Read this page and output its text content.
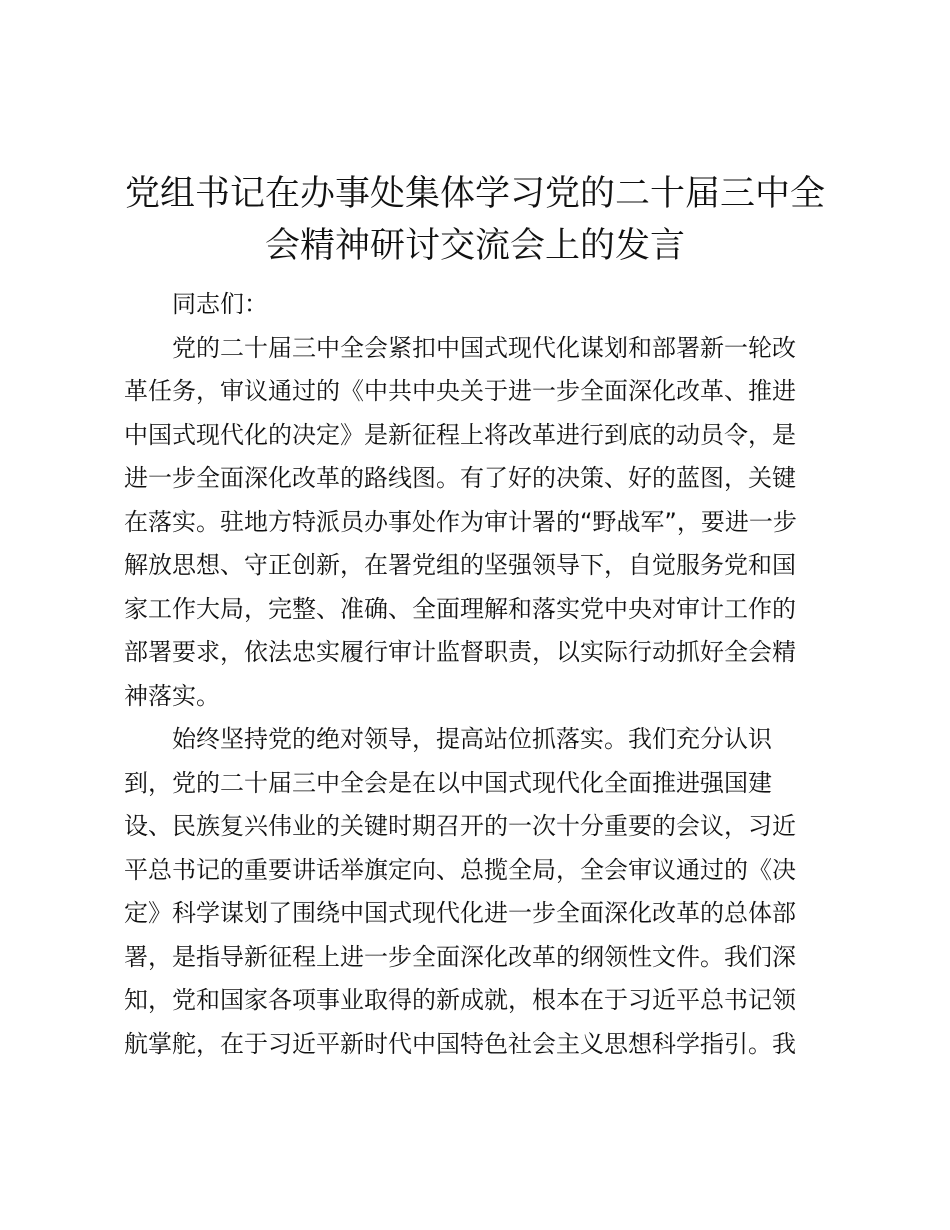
党组书记在办事处集体学习党的二十届三中全
会精神研讨交流会上的发言
同志们：
党的二十届三中全会紧扣中国式现代化谋划和部署新一轮改
革任务，审议通过的《中共中央关于进一步全面深化改革、推进
中国式现代化的决定》是新征程上将改革进行到底的动员令，是
进一步全面深化改革的路线图。有了好的决策、好的蓝图，关键
在落实。驻地方特派员办事处作为审计署的“野战军”，要进一步
解放思想、守正创新，在署党组的坚强领导下，自觉服务党和国
家工作大局，完整、准确、全面理解和落实党中央对审计工作的
部署要求，依法忠实履行审计监督职责，以实际行动抓好全会精
神落实。
始终坚持党的绝对领导，提高站位抓落实。我们充分认识
到，党的二十届三中全会是在以中国式现代化全面推进强国建
设、民族复兴伟业的关键时期召开的一次十分重要的会议，习近
平总书记的重要讲话举旗定向、总揽全局，全会审议通过的《决
定》科学谋划了围绕中国式现代化进一步全面深化改革的总体部
署，是指导新征程上进一步全面深化改革的纲领性文件。我们深
知，党和国家各项事业取得的新成就，根本在于习近平总书记领
航掌舵，在于习近平新时代中国特色社会主义思想科学指引。我
